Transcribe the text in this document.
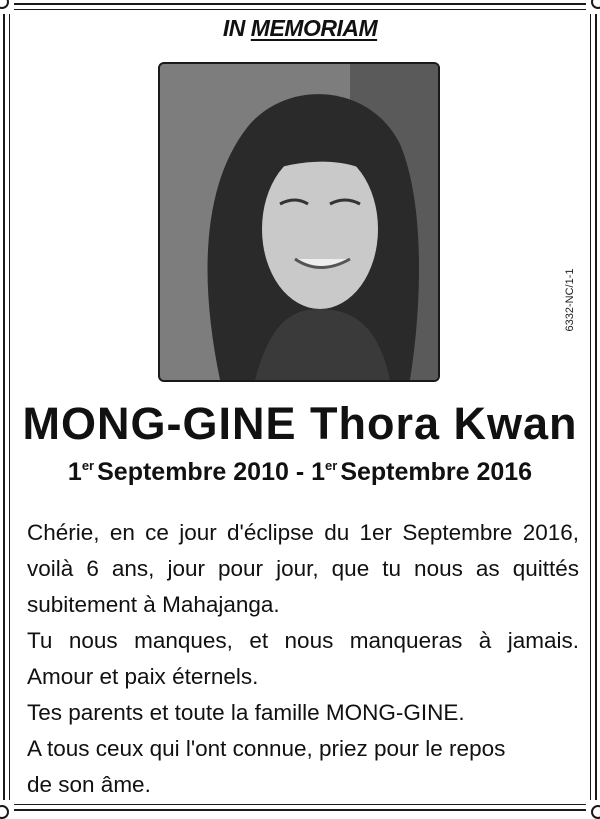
IN MEMORIAM
6332-NC/1-1
MONG-GINE Thora Kwan
1er Septembre 2010 - 1er Septembre 2016
Chérie, en ce jour d'éclipse du 1er Septembre 2016,
voilà 6 ans, jour pour jour, que tu nous as quittés
subitement à Mahajanga.
Tu nous manques, et nous manqueras à jamais.
Amour et paix éternels.
Tes parents et toute la famille MONG-GINE.
A tous ceux qui l'ont connue, priez pour le repos
de son âme.
